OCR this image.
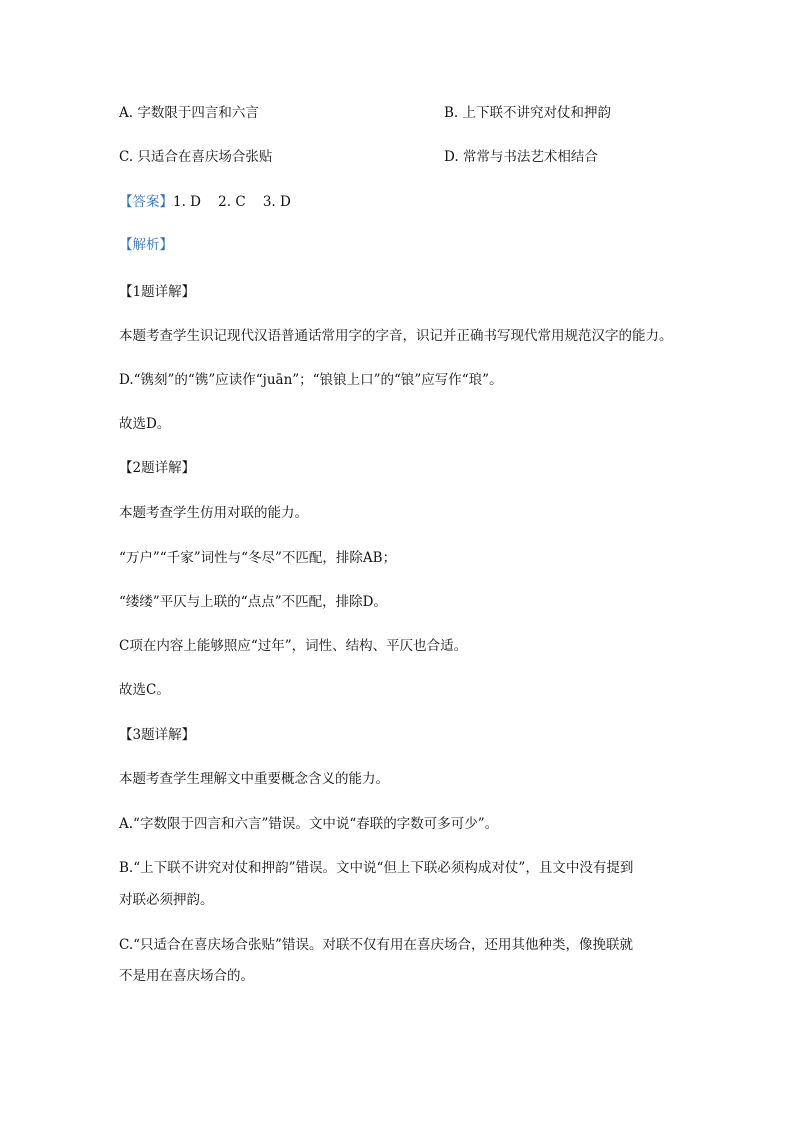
A. 字数限于四言和六言	B. 上下联不讲究对仗和押韵
C. 只适合在喜庆场合张贴	D. 常常与书法艺术相结合
【答案】1. D    2. C    3. D
【解析】
【1题详解】
本题考查学生识记现代汉语普通话常用字的字音，识记并正确书写现代常用规范汉字的能力。
D.“镌刻”的“镌”应读作“juān”；“锒锒上口”的“锒”应写作“琅”。
故选D。
【2题详解】
本题考查学生仿用对联的能力。
“万户”“千家”词性与“冬尽”不匹配，排除AB；
“缕缕”平仄与上联的“点点”不匹配，排除D。
C项在内容上能够照应“过年”，词性、结构、平仄也合适。
故选C。
【3题详解】
本题考查学生理解文中重要概念含义的能力。
A.“字数限于四言和六言”错误。文中说“春联的字数可多可少”。
B.“上下联不讲究对仗和押韵”错误。文中说“但上下联必须构成对仗”，且文中没有提到
对联必须押韵。
C.“只适合在喜庆场合张贴”错误。对联不仅有用在喜庆场合，还用其他种类，像挽联就
不是用在喜庆场合的。
